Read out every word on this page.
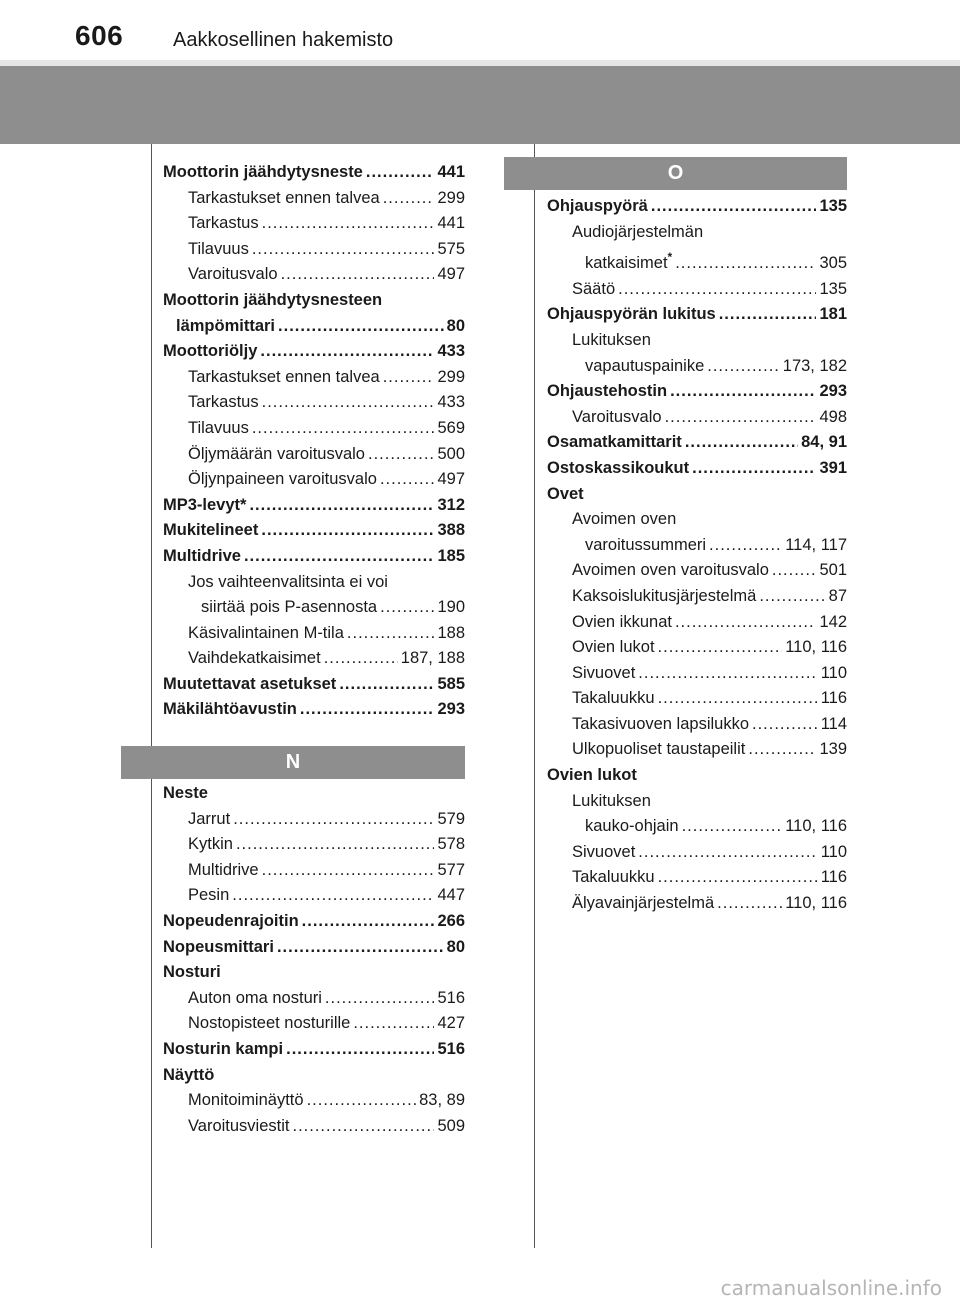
606 Aakkosellinen hakemisto
Moottorin jäähdytysneste .....	441
Tarkastukset ennen talvea .....	299
Tarkastus .....	441
Tilavuus .....	575
Varoitusvalo .....	497
Moottorin jäähdytysnesteen
lämpömittari .....	80
Moottoriöljy .....	433
Tarkastukset ennen talvea .....	299
Tarkastus .....	433
Tilavuus .....	569
Öljymäärän varoitusvalo .....	500
Öljynpaineen varoitusvalo .....	497
MP3-levyt* .....	312
Mukitelineet .....	388
Multidrive .....	185
Jos vaihteenvalitsinta ei voi
siirtää pois P-asennosta .....	190
Käsivalintainen M-tila .....	188
Vaihdekatkaisimet .....	187, 188
Muutettavat asetukset .....	585
Mäkilähtöavustin .....	293
N
Neste
Jarrut .....	579
Kytkin .....	578
Multidrive .....	577
Pesin .....	447
Nopeudenrajoitin .....	266
Nopeusmittari .....	80
Nosturi
Auton oma nosturi .....	516
Nostopisteet nosturille .....	427
Nosturin kampi .....	516
Näyttö
Monitoiminäyttö .....	83, 89
Varoitusviestit .....	509
O
Ohjauspyörä .....	135
Audiojärjestelmän
katkaisimet* .....	305
Säätö .....	135
Ohjauspyörän lukitus .....	181
Lukituksen
vapautuspainike .....	173, 182
Ohjaustehostin .....	293
Varoitusvalo .....	498
Osamatkamittarit .....	84, 91
Ostoskassikoukut .....	391
Ovet
Avoimen oven
varoitussummeri .....	114, 117
Avoimen oven varoitusvalo .....	501
Kaksoislukitusjärjestelmä .....	87
Ovien ikkunat .....	142
Ovien lukot .....	110, 116
Sivuovet .....	110
Takaluukku .....	116
Takasivuoven lapsilukko .....	114
Ulkopuoliset taustapeilit .....	139
Ovien lukot
Lukituksen
kauko-ohjain .....	110, 116
Sivuovet .....	110
Takaluukku .....	116
Älyavainjärjestelmä .....	110, 116
carmanualsonline.info
